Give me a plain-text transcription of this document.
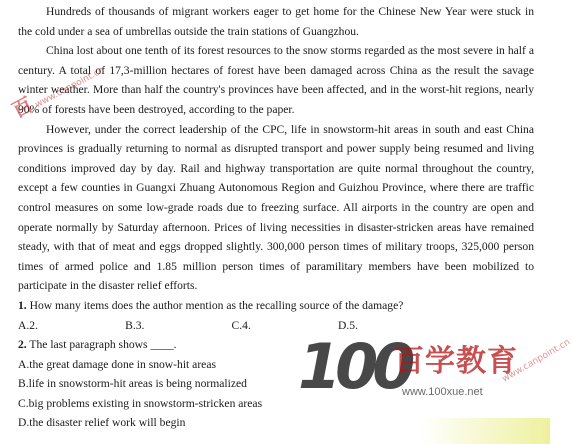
Hundreds of thousands of migrant workers eager to get home for the Chinese New Year were stuck in the cold under a sea of umbrellas outside the train stations of Guangzhou.

China lost about one tenth of its forest resources to the snow storms regarded as the most severe in half a century. A total of 17,3-million hectares of forest have been damaged across China as the result the savage winter weather. More than half the country's provinces have been affected, and in the worst-hit regions, nearly 90% of forests have been destroyed, according to the paper.

However, under the correct leadership of the CPC, life in snowstorm-hit areas in south and east China provinces is gradually returning to normal as disrupted transport and power supply being resumed and living conditions improved day by day. Rail and highway transportation are quite normal throughout the country, except a few counties in Guangxi Zhuang Autonomous Region and Guizhou Province, where there are traffic control measures on some low-grade roads due to freezing surface. All airports in the country are open and operate normally by Saturday afternoon. Prices of living necessities in disaster-stricken areas have remained steady, with that of meat and eggs dropped slightly. 300,000 person times of military troops, 325,000 person times of armed police and 1.85 million person times of paramilitary members have been mobilized to participate in the disaster relief efforts.

1. How many items does the author mention as the recalling source of the damage?

A.2.	B.3.	C.4.	D.5.

2. The last paragraph shows ____.

A.the great damage done in snow-hit areas

B.life in snowstorm-hit areas is being normalized

C.big problems existing in snowstorm-stricken areas

D.the disaster relief work will begin

百 www.canpoint.cn
100
百学教育
www.100xue.net
www.canpoint.cn
